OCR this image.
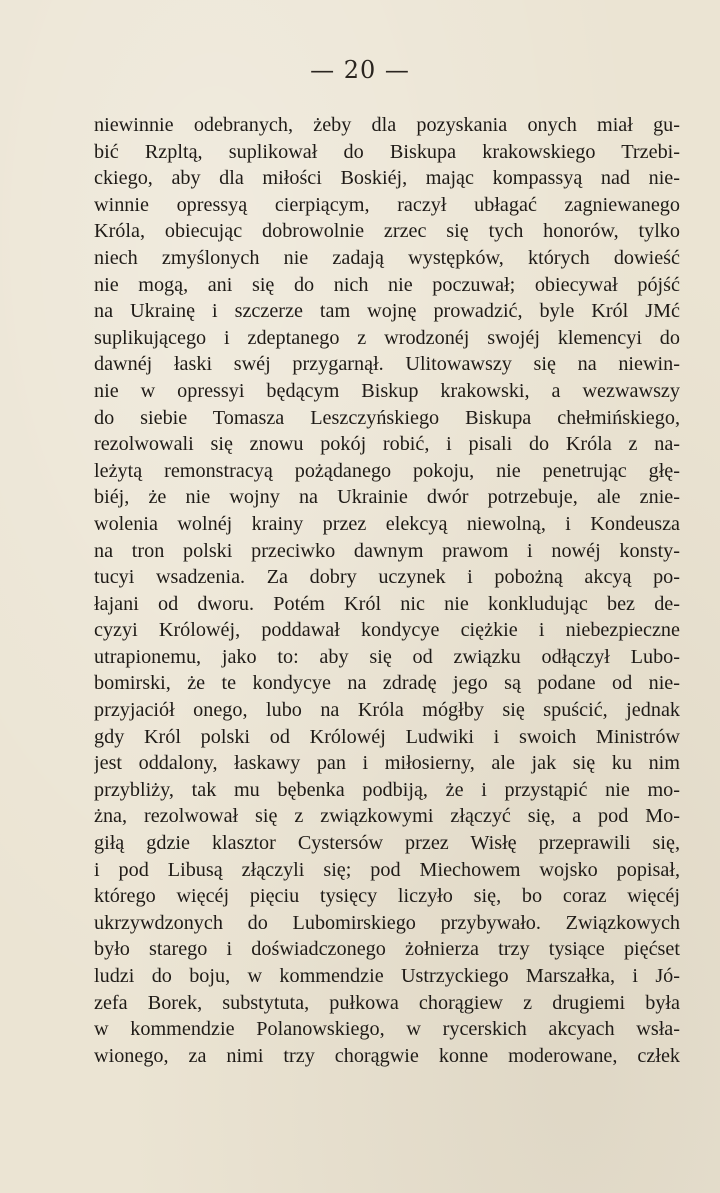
— 20 —
niewinnie odebranych, żeby dla pozyskania onych miał gu-
bić Rzpltą, suplikował do Biskupa krakowskiego Trzebi-
ckiego, aby dla miłości Boskiéj, mając kompassyą nad nie-
winnie opressyą cierpiącym, raczył ubłagać zagniewanego
Króla, obiecując dobrowolnie zrzec się tych honorów, tylko
niech zmyślonych nie zadają występków, których dowieść
nie mogą, ani się do nich nie poczuwał; obiecywał pójść
na Ukrainę i szczerze tam wojnę prowadzić, byle Król JMć
suplikującego i zdeptanego z wrodzonéj swojéj klemencyi do
dawnéj łaski swéj przygarnął. Ulitowawszy się na niewin-
nie w opressyi będącym Biskup krakowski, a wezwawszy
do siebie Tomasza Leszczyńskiego Biskupa chełmińskiego,
rezolwowali się znowu pokój robić, i pisali do Króla z na-
leżytą remonstracyą pożądanego pokoju, nie penetrując głę-
biéj, że nie wojny na Ukrainie dwór potrzebuje, ale znie-
wolenia wolnéj krainy przez elekcyą niewolną, i Kondeusza
na tron polski przeciwko dawnym prawom i nowéj konsty-
tucyi wsadzenia. Za dobry uczynek i pobożną akcyą po-
łajani od dworu. Potém Król nic nie konkludując bez de-
cyzyi Królowéj, poddawał kondycye ciężkie i niebezpieczne
utrapionemu, jako to: aby się od związku odłączył Lubo-
bomirski, że te kondycye na zdradę jego są podane od nie-
przyjaciół onego, lubo na Króla mógłby się spuścić, jednak
gdy Król polski od Królowéj Ludwiki i swoich Ministrów
jest oddalony, łaskawy pan i miłosierny, ale jak się ku nim
przybliży, tak mu bębenka podbiją, że i przystąpić nie mo-
żna, rezolwował się z związkowymi złączyć się, a pod Mo-
giłą gdzie klasztor Cystersów przez Wisłę przeprawili się,
i pod Libusą złączyli się; pod Miechowem wojsko popisał,
którego więcéj pięciu tysięcy liczyło się, bo coraz więcéj
ukrzywdzonych do Lubomirskiego przybywało. Związkowych
było starego i doświadczonego żołnierza trzy tysiące pięćset
ludzi do boju, w kommendzie Ustrzyckiego Marszałka, i Jó-
zefa Borek, substytuta, pułkowa chorągiew z drugiemi była
w kommendzie Polanowskiego, w rycerskich akcyach wsła-
wionego, za nimi trzy chorągwie konne moderowane, człek
